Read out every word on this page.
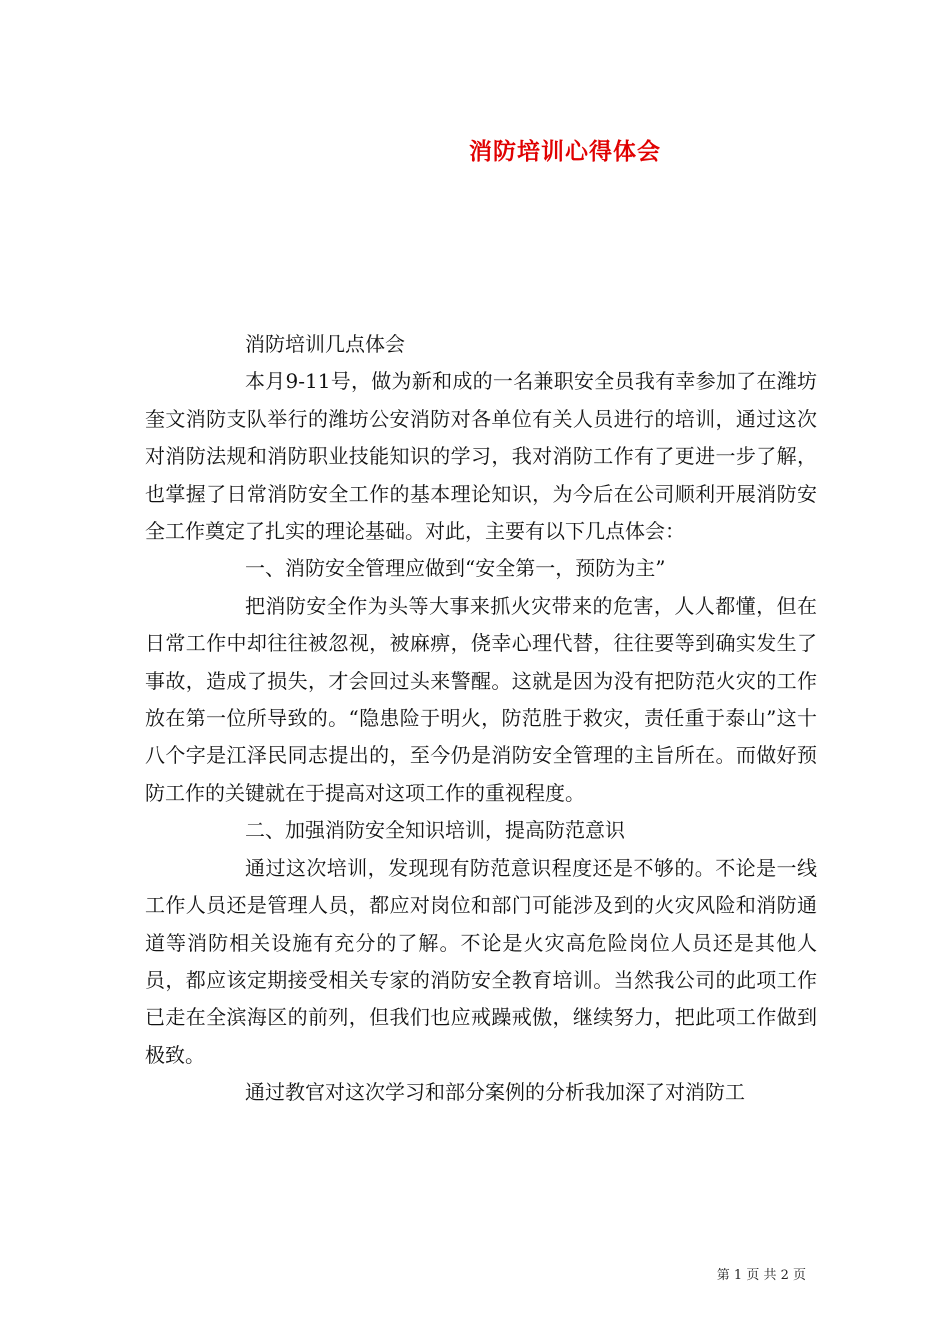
消防培训心得体会

消防培训几点体会

本月9-11号，做为新和成的一名兼职安全员我有幸参加了在潍坊奎文消防支队举行的潍坊公安消防对各单位有关人员进行的培训，通过这次对消防法规和消防职业技能知识的学习，我对消防工作有了更进一步了解，也掌握了日常消防安全工作的基本理论知识，为今后在公司顺利开展消防安全工作奠定了扎实的理论基础。对此，主要有以下几点体会：

一、消防安全管理应做到“安全第一，预防为主”

把消防安全作为头等大事来抓火灾带来的危害，人人都懂，但在日常工作中却往往被忽视，被麻痹，侥幸心理代替，往往要等到确实发生了事故，造成了损失，才会回过头来警醒。这就是因为没有把防范火灾的工作放在第一位所导致的。“隐患险于明火，防范胜于救灾，责任重于泰山”这十八个字是江泽民同志提出的，至今仍是消防安全管理的主旨所在。而做好预防工作的关键就在于提高对这项工作的重视程度。

二、加强消防安全知识培训，提高防范意识

通过这次培训，发现现有防范意识程度还是不够的。不论是一线工作人员还是管理人员，都应对岗位和部门可能涉及到的火灾风险和消防通道等消防相关设施有充分的了解。不论是火灾高危险岗位人员还是其他人员，都应该定期接受相关专家的消防安全教育培训。当然我公司的此项工作已走在全滨海区的前列，但我们也应戒躁戒傲，继续努力，把此项工作做到极致。

通过教官对这次学习和部分案例的分析我加深了对消防工

第 1 页 共 2 页
